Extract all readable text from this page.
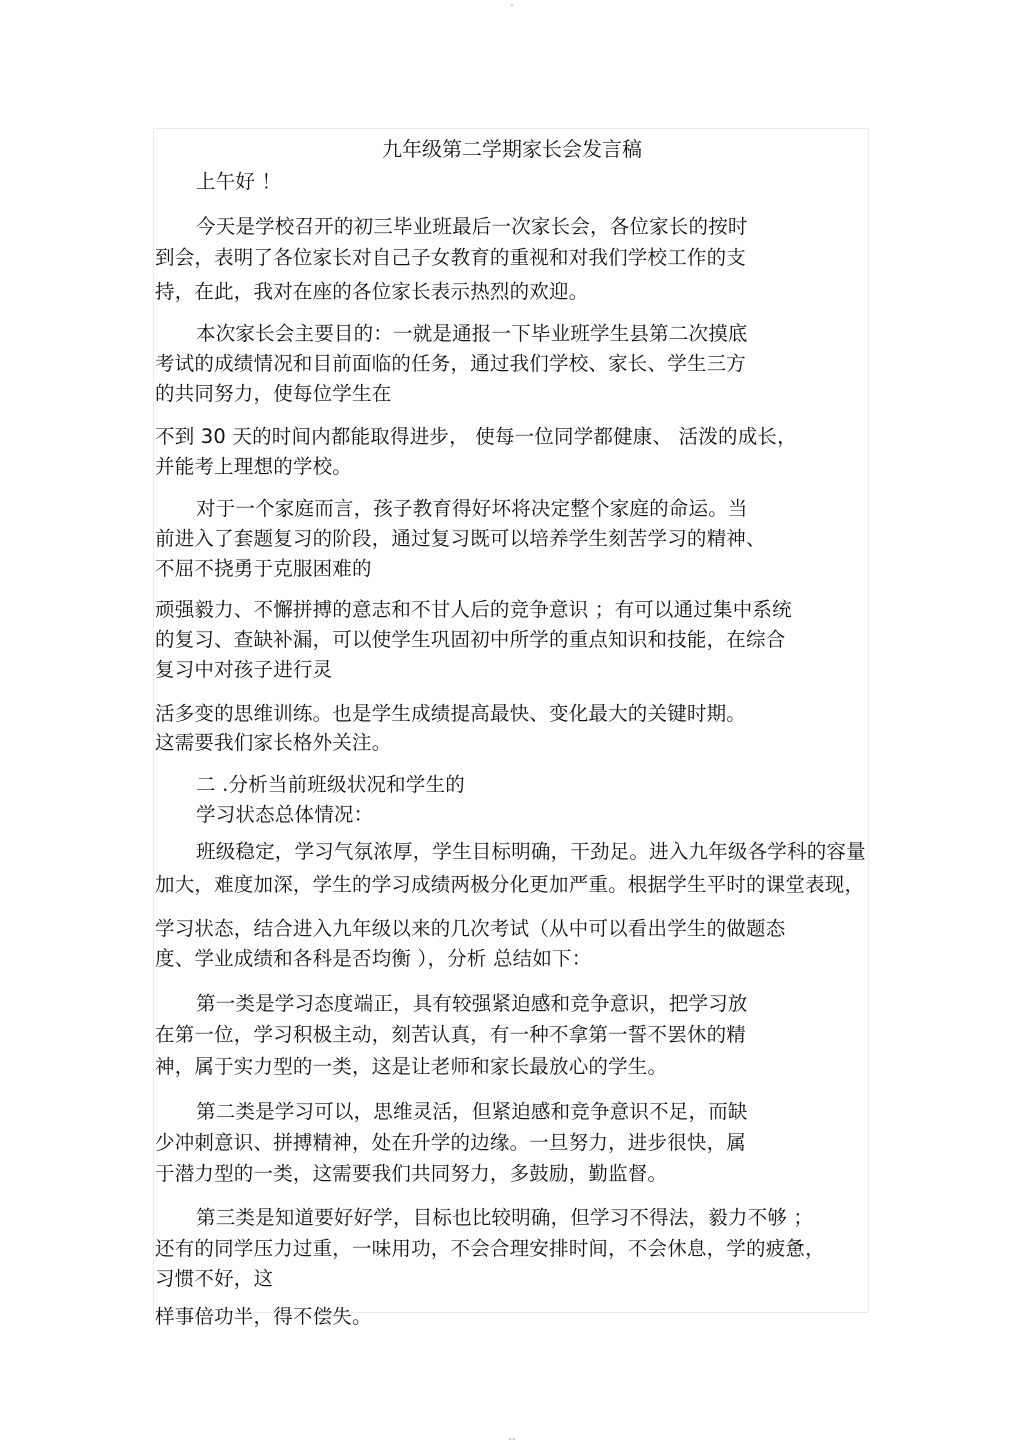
-
九年级第二学期家长会发言稿
上午好 ！
今天是学校召开的初三毕业班最后一次家长会，各位家长的按时
到会，表明了各位家长对自己子女教育的重视和对我们学校工作的支
持，在此，我对在座的各位家长表示热烈的欢迎。
本次家长会主要目的：一就是通报一下毕业班学生县第二次摸底
考试的成绩情况和目前面临的任务，通过我们学校、家长、学生三方
的共同努力，使每位学生在
不到 30 天的时间内都能取得进步， 使每一位同学都健康、 活泼的成长，
并能考上理想的学校。
对于一个家庭而言，孩子教育得好坏将决定整个家庭的命运。当
前进入了套题复习的阶段，通过复习既可以培养学生刻苦学习的精神、
不屈不挠勇于克服困难的
顽强毅力、不懈拼搏的意志和不甘人后的竞争意识 ；有可以通过集中系统
的复习、查缺补漏，可以使学生巩固初中所学的重点知识和技能，在综合
复习中对孩子进行灵
活多变的思维训练。也是学生成绩提高最快、变化最大的关键时期。
这需要我们家长格外关注。
二 .分析当前班级状况和学生的
学习状态总体情况：
班级稳定，学习气氛浓厚，学生目标明确，干劲足。进入九年级各学科的容量
加大，难度加深，学生的学习成绩两极分化更加严重。根据学生平时的课堂表现，
学习状态，结合进入九年级以来的几次考试（从中可以看出学生的做题态
度、学业成绩和各科是否均衡 ），分析 总结如下：
第一类是学习态度端正，具有较强紧迫感和竞争意识，把学习放
在第一位，学习积极主动，刻苦认真，有一种不拿第一誓不罢休的精
神，属于实力型的一类，这是让老师和家长最放心的学生。
第二类是学习可以，思维灵活，但紧迫感和竞争意识不足，而缺
少冲刺意识、拼搏精神，处在升学的边缘。一旦努力，进步很快，属
于潜力型的一类，这需要我们共同努力，多鼓励，勤监督。
第三类是知道要好好学，目标也比较明确，但学习不得法，毅力不够 ；
还有的同学压力过重，一味用功，不会合理安排时间，不会休息，学的疲惫，
习惯不好，这
样事倍功半，得不偿失。
--
